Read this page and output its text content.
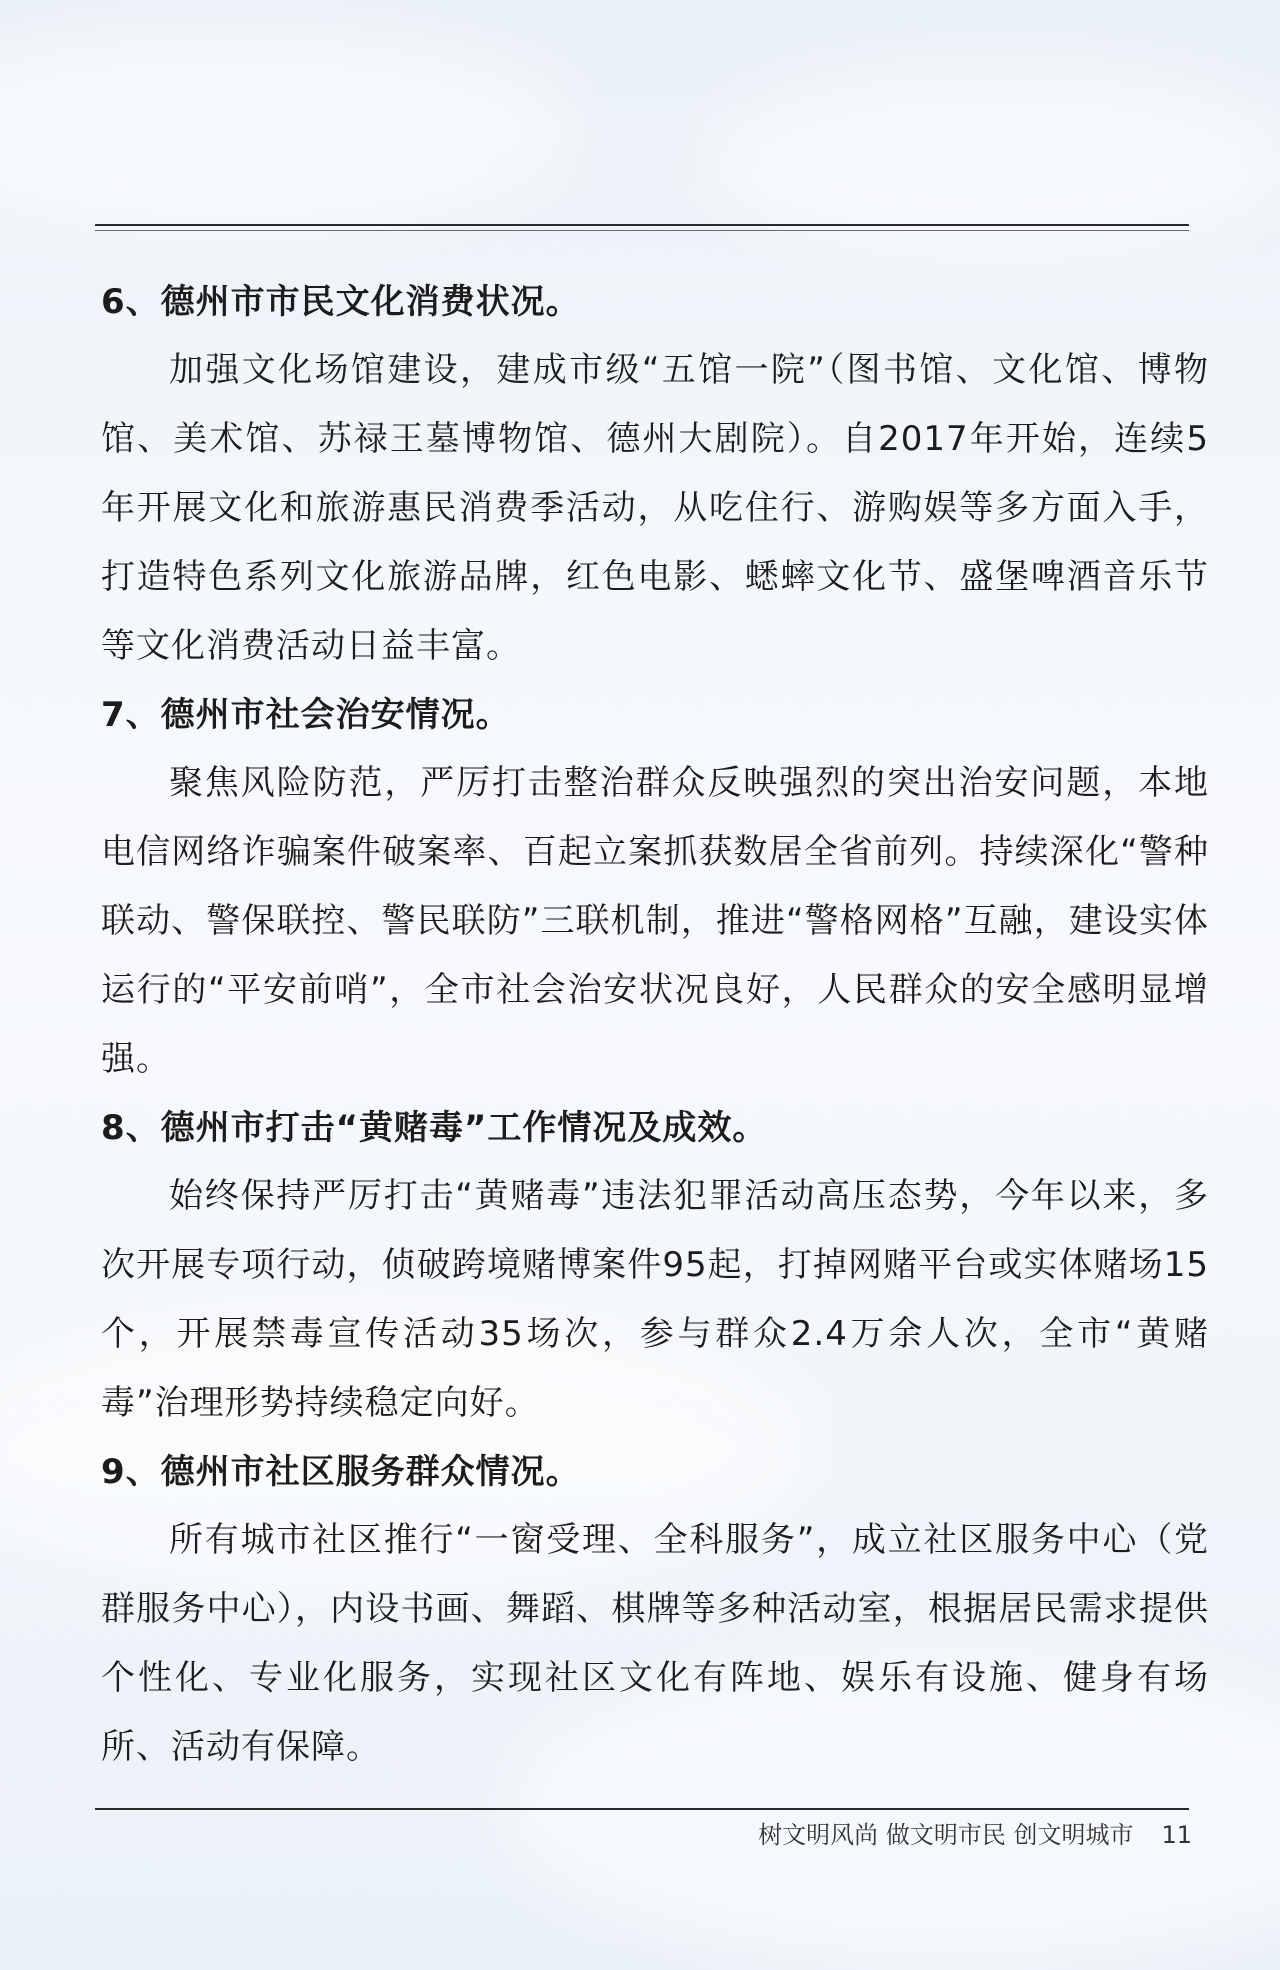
6、德州市市民文化消费状况。

加强文化场馆建设，建成市级“五馆一院”（图书馆、文化馆、博物馆、美术馆、苏禄王墓博物馆、德州大剧院）。自2017年开始，连续5年开展文化和旅游惠民消费季活动，从吃住行、游购娱等多方面入手，打造特色系列文化旅游品牌，红色电影、蟋蟀文化节、盛堡啤酒音乐节等文化消费活动日益丰富。

7、德州市社会治安情况。

聚焦风险防范，严厉打击整治群众反映强烈的突出治安问题，本地电信网络诈骗案件破案率、百起立案抓获数居全省前列。持续深化“警种联动、警保联控、警民联防”三联机制，推进“警格网格”互融，建设实体运行的“平安前哨”，全市社会治安状况良好，人民群众的安全感明显增强。

8、德州市打击“黄赌毒”工作情况及成效。

始终保持严厉打击“黄赌毒”违法犯罪活动高压态势，今年以来，多次开展专项行动，侦破跨境赌博案件95起，打掉网赌平台或实体赌场15个，开展禁毒宣传活动35场次，参与群众2.4万余人次，全市“黄赌毒”治理形势持续稳定向好。

9、德州市社区服务群众情况。

所有城市社区推行“一窗受理、全科服务”，成立社区服务中心（党群服务中心），内设书画、舞蹈、棋牌等多种活动室，根据居民需求提供个性化、专业化服务，实现社区文化有阵地、娱乐有设施、健身有场所、活动有保障。

树文明风尚 做文明市民 创文明城市 11
